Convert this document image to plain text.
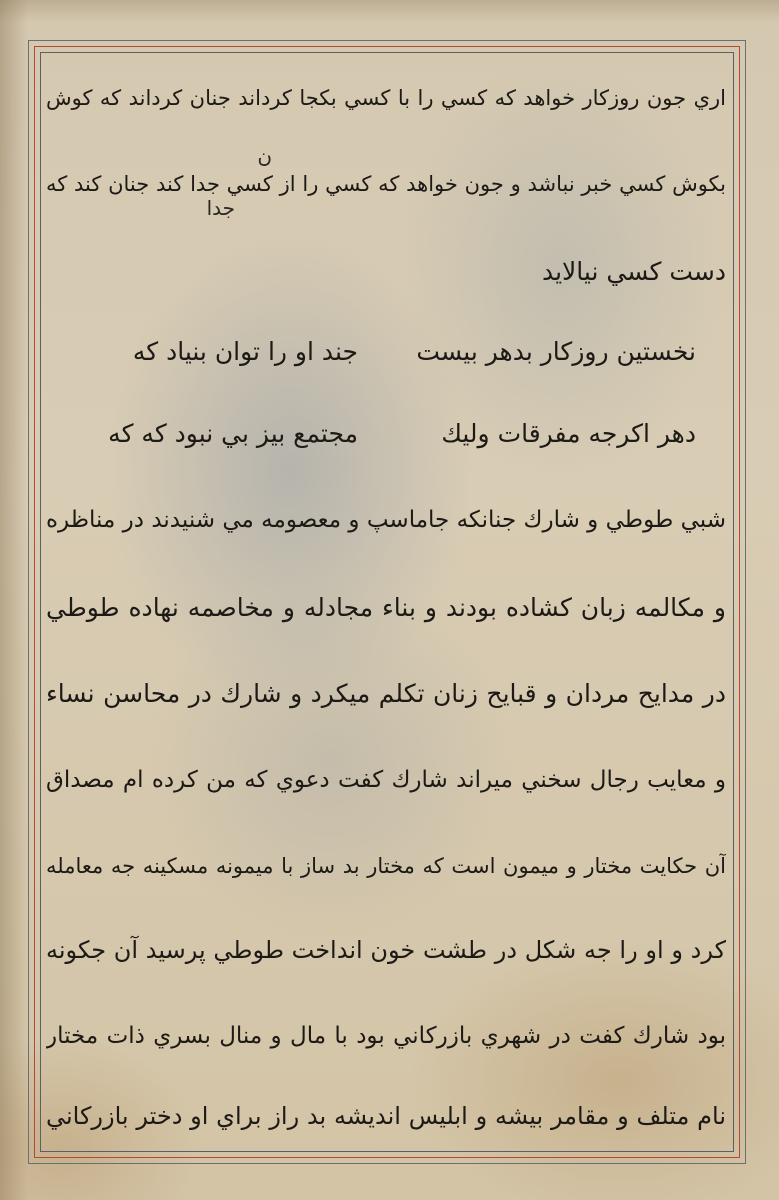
اري جون روزكار خواهد كه كسي را با كسي بكجا كرداند جنان كرداند كه كوش
بكوش كسي خبر نباشد و جون خواهد كه كسي را از كسي جدا كند جنان كند كه
دست كسي نيالايد
نخستين روزكار بدهر بيست
جند او را توان بنياد كه
دهر اكرجه مفرقات وليك
مجتمع بيز بي نبود كه كه
شبي طوطي و شارك جنانكه جاماسپ و معصومه مي شنيدند در مناظره
و مكالمه زبان كشاده بودند و بناء مجادله و مخاصمه نهاده طوطي
در مدايح مردان و قبايح زنان تكلم ميكرد و شارك در محاسن نساء
و معايب رجال سخني ميراند شارك كفت دعوي كه من كرده ام مصداق
آن حكايت مختار و ميمون است كه مختار بد ساز با ميمونه مسكينه جه معامله
كرد و او را جه شكل در طشت خون انداخت طوطي پرسيد آن جكونه
بود شارك كفت در شهري بازركاني بود با مال و منال بسري ذات مختار
نام متلف و مقامر بيشه و ابليس انديشه بد راز براي او دختر بازركاني
ن
جدا
